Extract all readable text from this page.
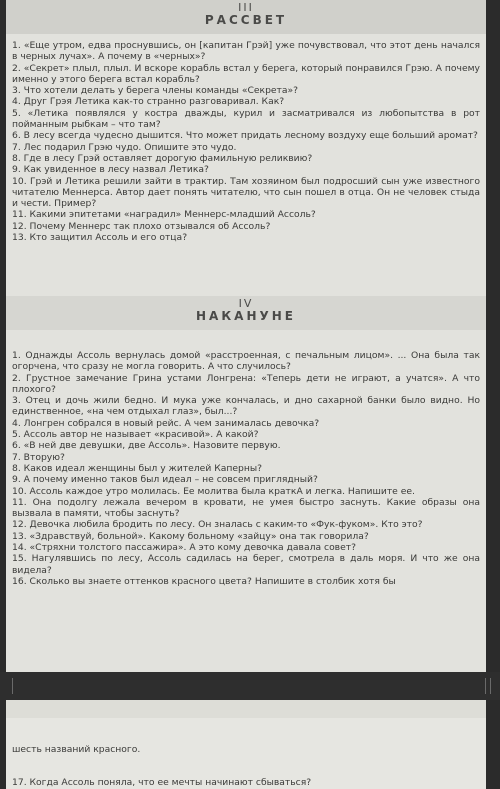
III
РАССВЕТ
1. «Еще утром, едва проснувшись, он [капитан Грэй] уже почувствовал, что этот день начался в черных лучах». А почему в «черных»?
2. «Секрет» плыл, плыл. И вскоре корабль встал у берега, который понравился Грэю. А почему именно у этого берега встал корабль?
3. Что хотели делать у берега члены команды «Секрета»?
4. Друг Грэя Летика как-то странно разговаривал. Как?
5. «Летика появлялся у костра дважды, курил и засматривался из любопытства в рот пойманным рыбкам – что там?
6. В лесу всегда чудесно дышится. Что может придать лесному воздуху еще больший аромат?
7. Лес подарил Грэю чудо. Опишите это чудо.
8. Где в лесу Грэй оставляет дорогую фамильную реликвию?
9. Как увиденное в лесу назвал Летика?
10. Грэй и Летика решили зайти в трактир. Там хозяином был подросший сын уже известного читателю Меннерса. Автор дает понять читателю, что сын пошел в отца. Он не человек стыда и чести. Пример?
11. Какими эпитетами «наградил» Меннерс-младший Ассоль?
12. Почему Меннерс так плохо отзывался об Ассоль?
13. Кто защитил Ассоль и его отца?
IV
НАКАНУНЕ
1. Однажды Ассоль вернулась домой «расстроенная, с печальным лицом». ... Она была так огорчена, что сразу не могла говорить. А что случилось?
2. Грустное замечание Грина устами Лонгрена: «Теперь дети не играют, а учатся». А что плохого?
3. Отец и дочь жили бедно. И мука уже кончалась, и дно сахарной банки было видно. Но единственное, «на чем отдыхал глаз», был...?
4. Лонгрен собрался в новый рейс. А чем занималась девочка?
5. Ассоль автор не называет «красивой». А какой?
6. «В ней две девушки, две Ассоль». Назовите первую.
7. Вторую?
8. Каков идеал женщины был у жителей Каперны?
9. А почему именно таков был идеал – не совсем приглядный?
10. Ассоль каждое утро молилась. Ее молитва была краткА и легка. Напишите ее.
11. Она подолгу лежала вечером в кровати, не умея быстро заснуть. Какие образы она вызвала в памяти, чтобы заснуть?
12. Девочка любила бродить по лесу. Он зналась с каким-то «Фук-фуком». Кто это?
13. «Здравствуй, больной». Какому больному «зайцу» она так говорила?
14. «Стряхни толстого пассажира». А это кому девочка давала совет?
15. Нагулявшись по лесу, Ассоль садилась на берег, смотрела в даль моря. И что же она видела?
16. Сколько вы знаете оттенков красного цвета? Напишите в столбик хотя бы
шесть названий красного.
17. Когда Ассоль поняла, что ее мечты начинают сбываться?
